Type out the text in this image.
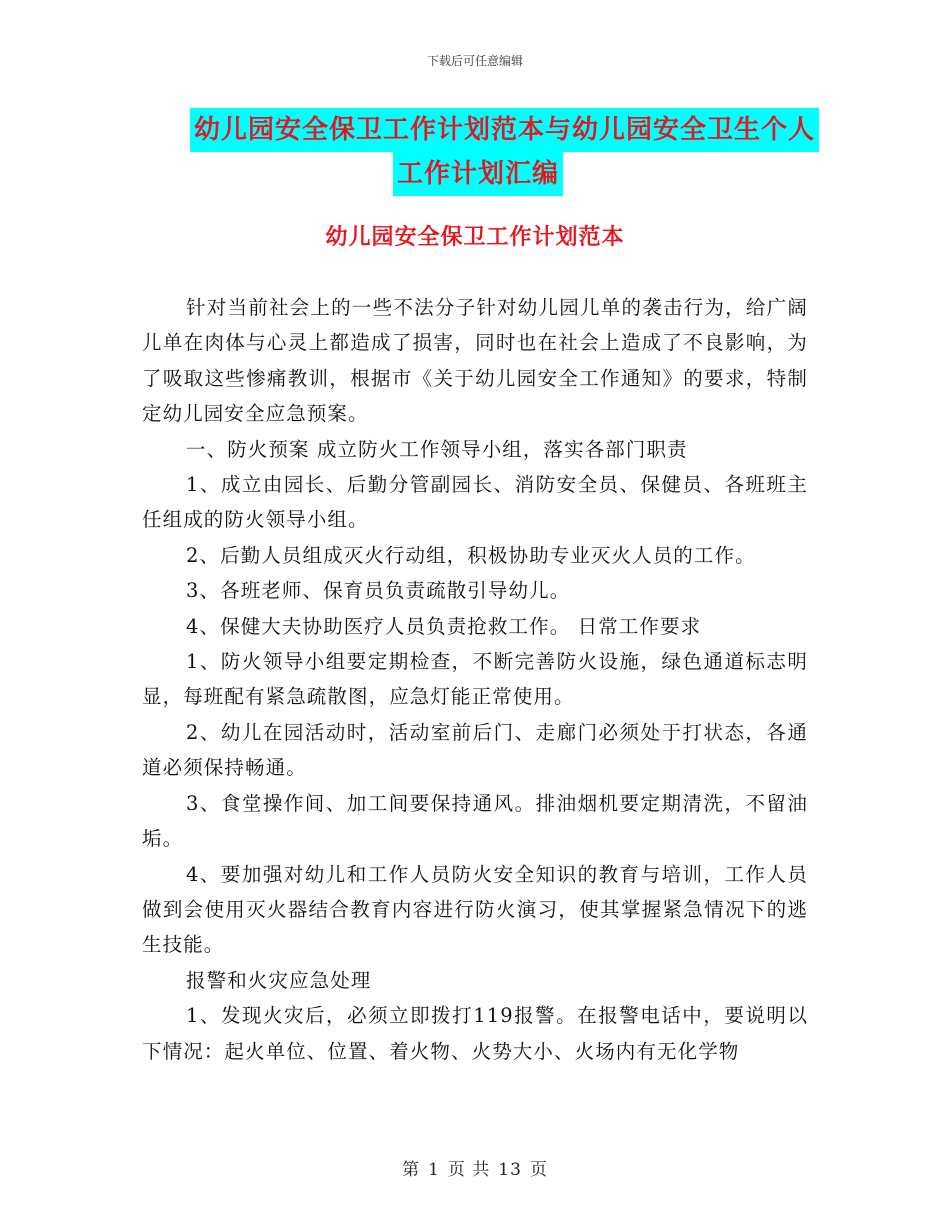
下载后可任意编辑
幼儿园安全保卫工作计划范本与幼儿园安全卫生个人
工作计划汇编
幼儿园安全保卫工作计划范本

针对当前社会上的一些不法分子针对幼儿园儿单的袭击行为，给广阔儿单在肉体与心灵上都造成了损害，同时也在社会上造成了不良影响，为了吸取这些惨痛教训，根据市《关于幼儿园安全工作通知》的要求，特制定幼儿园安全应急预案。

一、防火预案 成立防火工作领导小组，落实各部门职责

1、成立由园长、后勤分管副园长、消防安全员、保健员、各班班主任组成的防火领导小组。

2、后勤人员组成灭火行动组，积极协助专业灭火人员的工作。

3、各班老师、保育员负责疏散引导幼儿。

4、保健大夫协助医疗人员负责抢救工作。 日常工作要求

1、防火领导小组要定期检查，不断完善防火设施，绿色通道标志明显，每班配有紧急疏散图，应急灯能正常使用。

2、幼儿在园活动时，活动室前后门、走廊门必须处于打状态，各通道必须保持畅通。

3、食堂操作间、加工间要保持通风。排油烟机要定期清洗，不留油垢。

4、要加强对幼儿和工作人员防火安全知识的教育与培训，工作人员做到会使用灭火器结合教育内容进行防火演习，使其掌握紧急情况下的逃生技能。

报警和火灾应急处理

1、发现火灾后，必须立即拨打119报警。在报警电话中，要说明以下情况：起火单位、位置、着火物、火势大小、火场内有无化学物

第 1 页 共 13 页
